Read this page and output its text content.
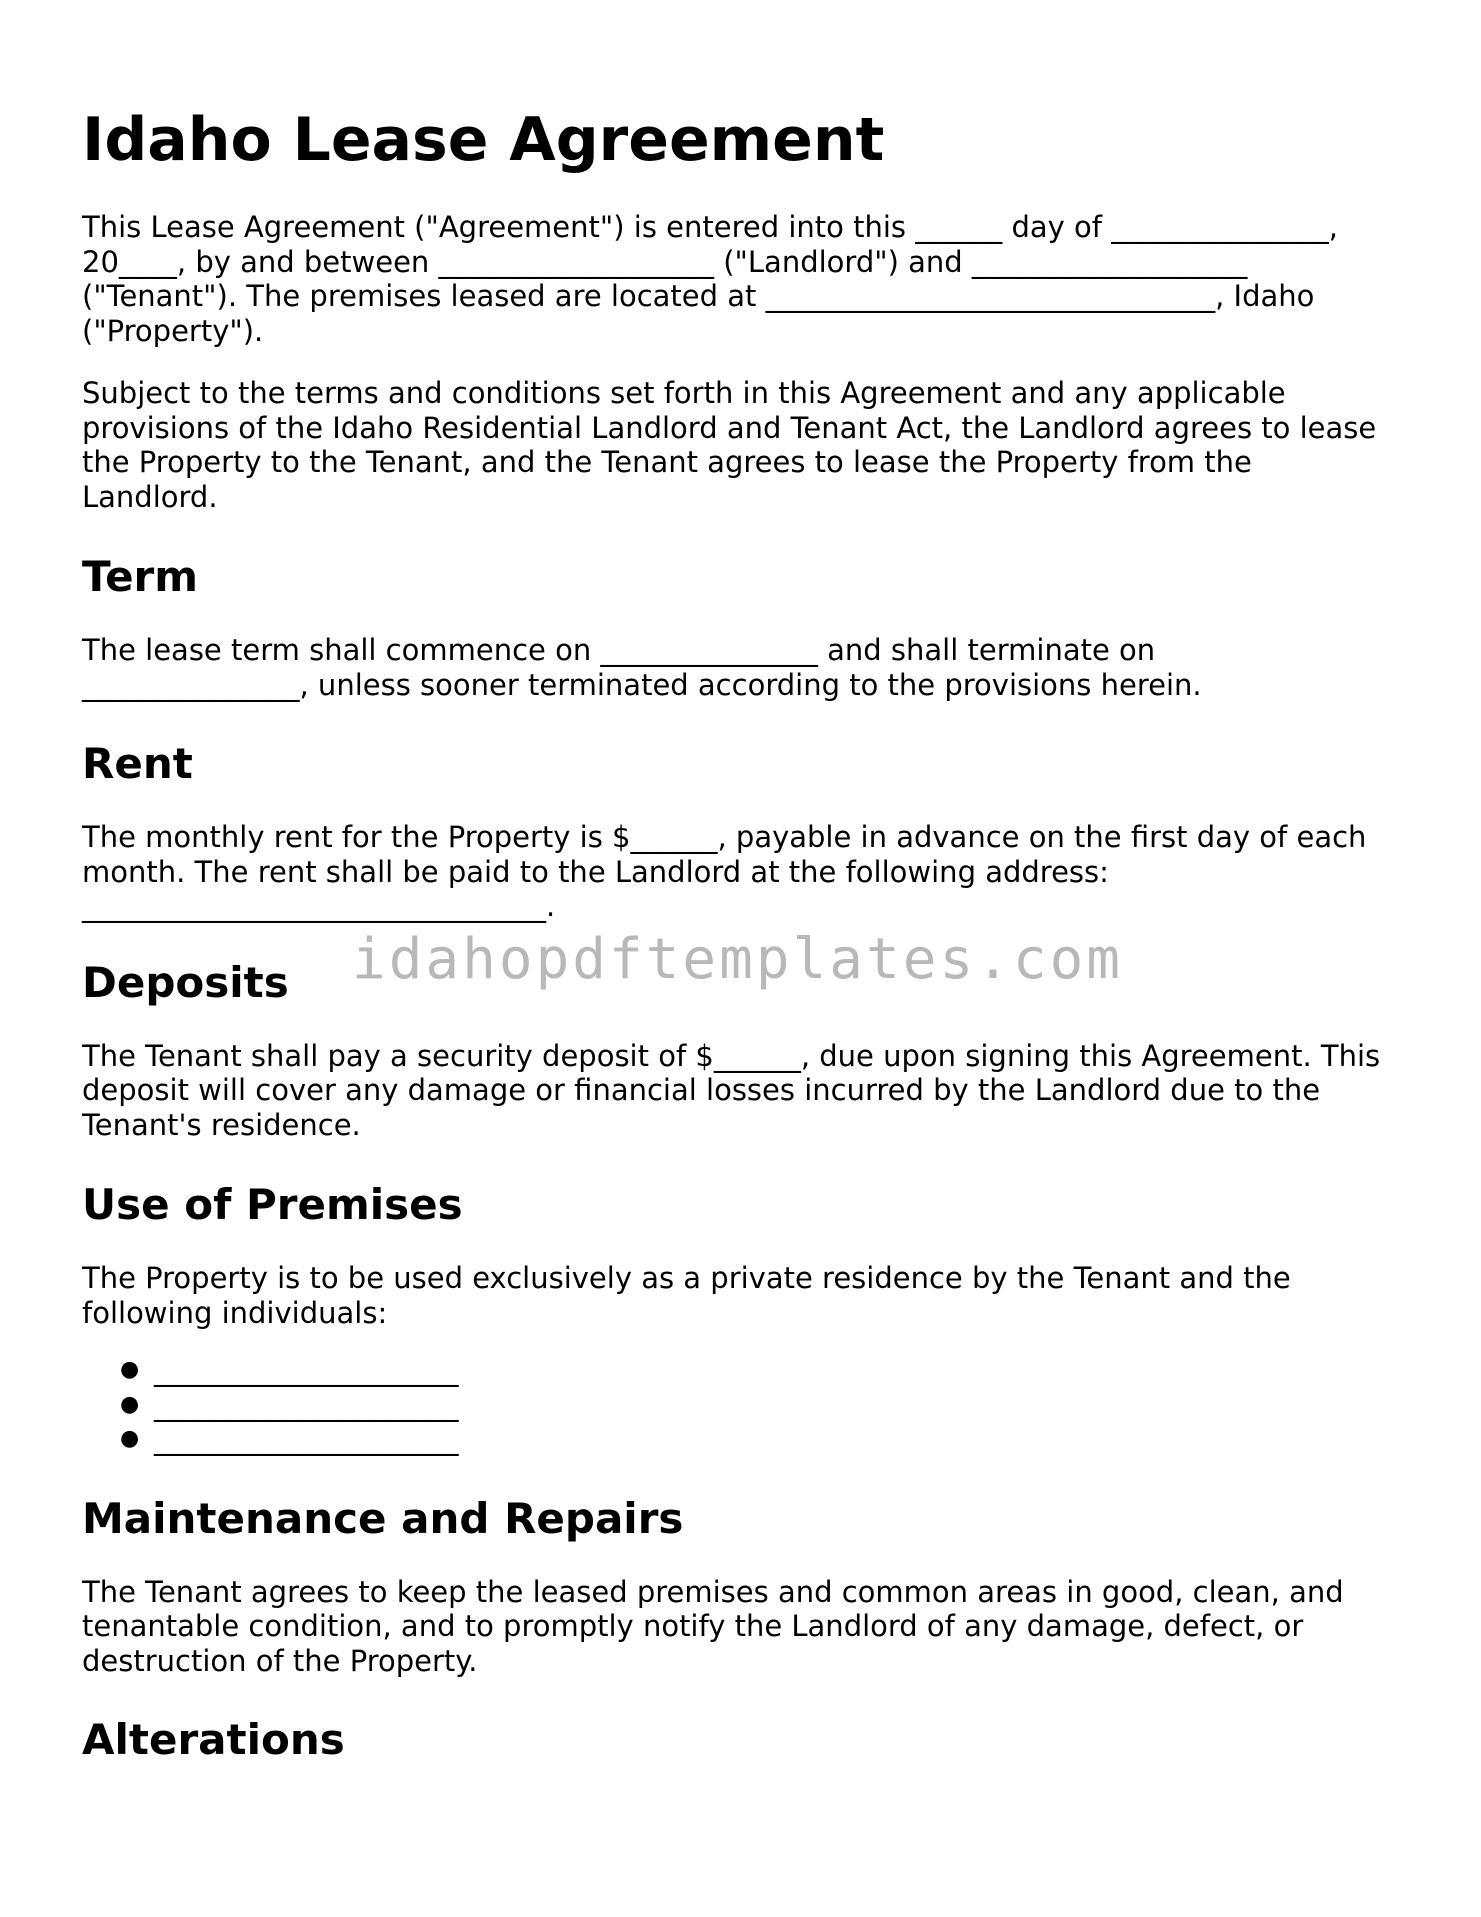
Idaho Lease Agreement

This Lease Agreement ("Agreement") is entered into this ______ day of _______________,
20____, by and between ___________________ ("Landlord") and ___________________
("Tenant"). The premises leased are located at _______________________________, Idaho
("Property").

Subject to the terms and conditions set forth in this Agreement and any applicable
provisions of the Idaho Residential Landlord and Tenant Act, the Landlord agrees to lease
the Property to the Tenant, and the Tenant agrees to lease the Property from the
Landlord.

Term

The lease term shall commence on _______________ and shall terminate on
_______________, unless sooner terminated according to the provisions herein.

Rent

The monthly rent for the Property is $______, payable in advance on the first day of each
month. The rent shall be paid to the Landlord at the following address:
________________________________.

Deposits

The Tenant shall pay a security deposit of $______, due upon signing this Agreement. This
deposit will cover any damage or financial losses incurred by the Landlord due to the
Tenant's residence.

Use of Premises

The Property is to be used exclusively as a private residence by the Tenant and the
following individuals:

● _____________________
● _____________________
● _____________________
Maintenance and Repairs

The Tenant agrees to keep the leased premises and common areas in good, clean, and
tenantable condition, and to promptly notify the Landlord of any damage, defect, or
destruction of the Property.

Alterations
idahopdftemplates.com
